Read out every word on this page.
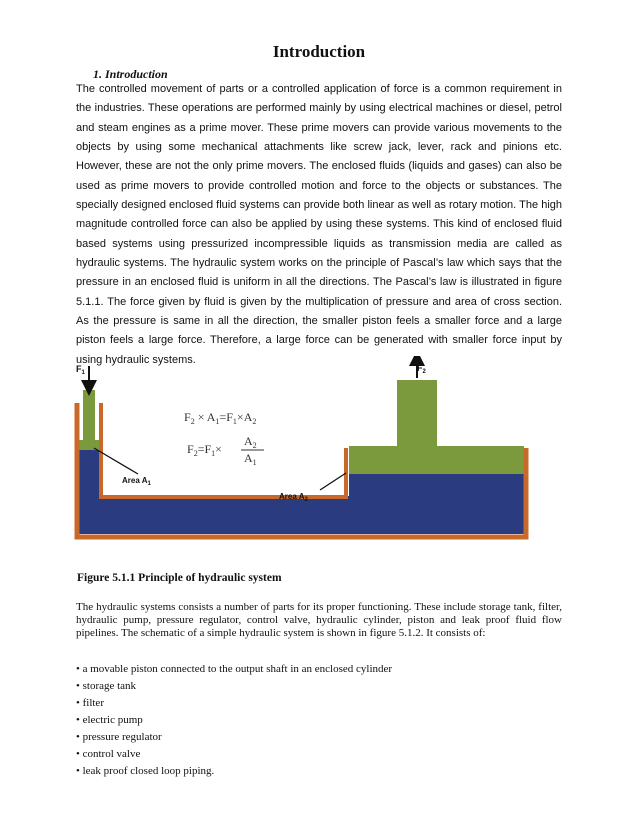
Introduction
1. Introduction

The controlled movement of parts or a controlled application of force is a common requirement in the industries. These operations are performed mainly by using electrical machines or diesel, petrol and steam engines as a prime mover. These prime movers can provide various movements to the objects by using some mechanical attachments like screw jack, lever, rack and pinions etc. However, these are not the only prime movers. The enclosed fluids (liquids and gases) can also be used as prime movers to provide controlled motion and force to the objects or substances. The specially designed enclosed fluid systems can provide both linear as well as rotary motion. The high magnitude controlled force can also be applied by using these systems. This kind of enclosed fluid based systems using pressurized incompressible liquids as transmission media are called as hydraulic systems. The hydraulic system works on the principle of Pascal’s law which says that the pressure in an enclosed fluid is uniform in all the directions. The Pascal’s law is illustrated in figure 5.1.1. The force given by fluid is given by the multiplication of pressure and area of cross section. As the pressure is same in all the direction, the smaller piston feels a smaller force and a large piston feels a large force. Therefore, a large force can be generated with smaller force input by using hydraulic systems.

$F_1$	$F_2$
Area $A_1$
Area $A_2$
$F_2 \times A_1=F_1\times A_2$
$F_2=F_1\times$
$A_2$
$A_1$
Figure 5.1.1 Principle of hydraulic system

The hydraulic systems consists a number of parts for its proper functioning. These include storage tank, filter, hydraulic pump, pressure regulator, control valve, hydraulic cylinder, piston and leak proof fluid flow pipelines. The schematic of a simple hydraulic system is shown in figure 5.1.2. It consists of:

• a movable piston connected to the output shaft in an enclosed cylinder
• storage tank
• filter
• electric pump
• pressure regulator
• control valve
• leak proof closed loop piping.
